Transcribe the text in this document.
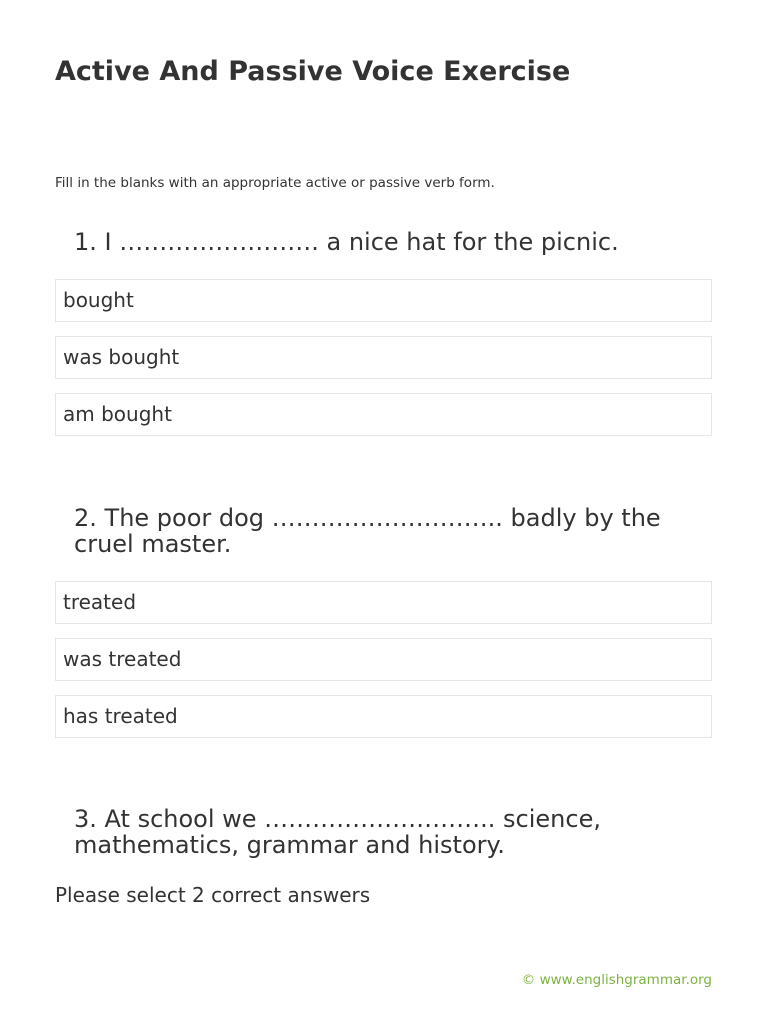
Active And Passive Voice Exercise
Fill in the blanks with an appropriate active or passive verb form.
1. I ……………………. a nice hat for the picnic.
bought
was bought
am bought
2. The poor dog ……………………….. badly by the cruel master.
treated
was treated
has treated
3. At school we ……………………….. science, mathematics, grammar and history.
Please select 2 correct answers
© www.englishgrammar.org
